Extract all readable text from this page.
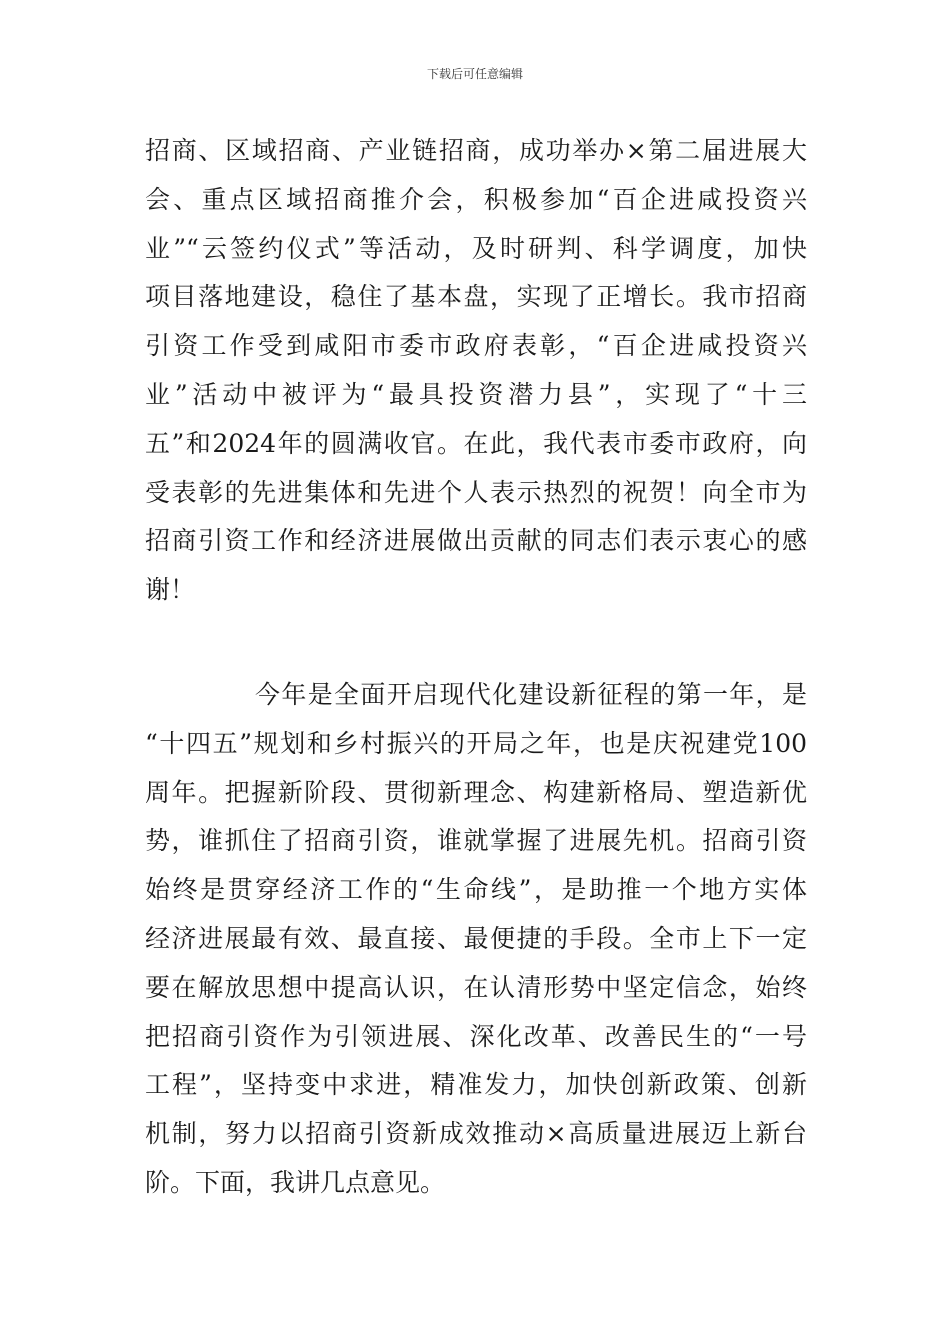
下载后可任意编辑
招商、区域招商、产业链招商，成功举办×第二届进展大
会、重点区域招商推介会，积极参加“百企进咸投资兴
业”“云签约仪式”等活动，及时研判、科学调度，加快
项目落地建设，稳住了基本盘，实现了正增长。我市招商
引资工作受到咸阳市委市政府表彰，“百企进咸投资兴
业”活动中被评为“最具投资潜力县”，实现了“十三
五”和2024年的圆满收官。在此，我代表市委市政府，向
受表彰的先进集体和先进个人表示热烈的祝贺！向全市为
招商引资工作和经济进展做出贡献的同志们表示衷心的感
谢！
今年是全面开启现代化建设新征程的第一年，是
“十四五”规划和乡村振兴的开局之年，也是庆祝建党100
周年。把握新阶段、贯彻新理念、构建新格局、塑造新优
势，谁抓住了招商引资，谁就掌握了进展先机。招商引资
始终是贯穿经济工作的“生命线”，是助推一个地方实体
经济进展最有效、最直接、最便捷的手段。全市上下一定
要在解放思想中提高认识，在认清形势中坚定信念，始终
把招商引资作为引领进展、深化改革、改善民生的“一号
工程”，坚持变中求进，精准发力，加快创新政策、创新
机制，努力以招商引资新成效推动×高质量进展迈上新台
阶。下面，我讲几点意见。
